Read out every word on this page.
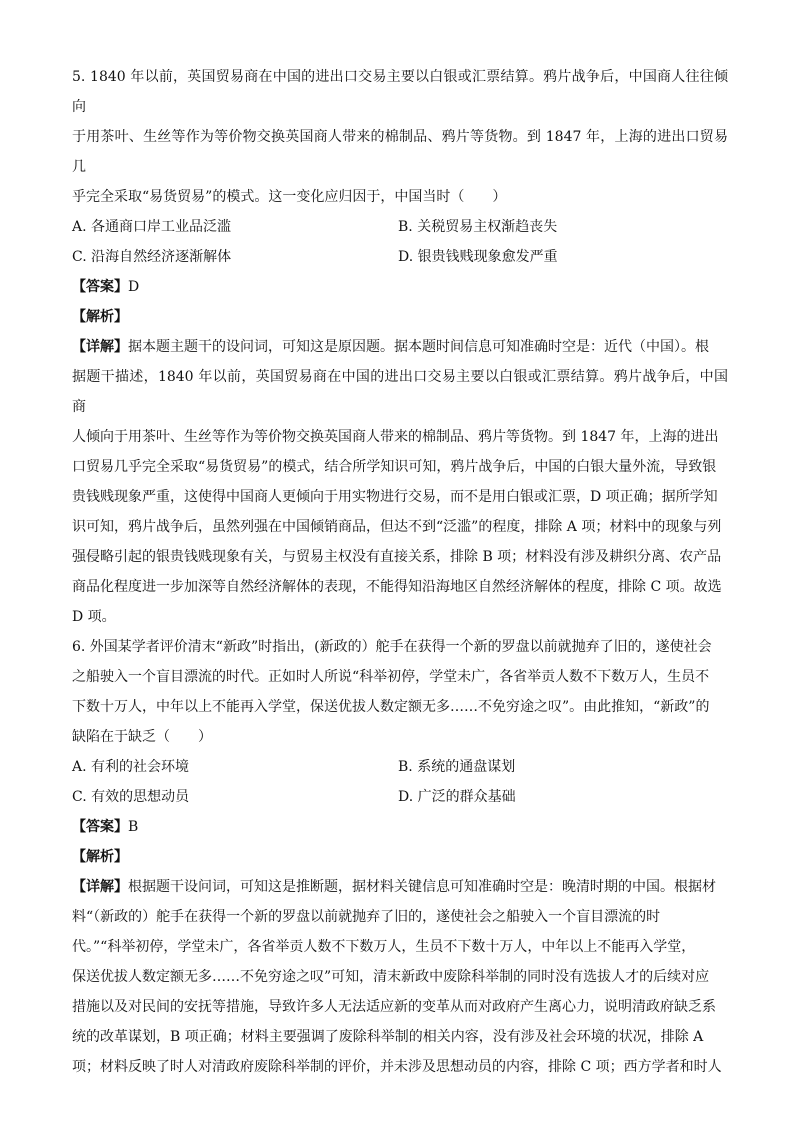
5. 1840 年以前，英国贸易商在中国的进出口交易主要以白银或汇票结算。鸦片战争后，中国商人往往倾向

于用茶叶、生丝等作为等价物交换英国商人带来的棉制品、鸦片等货物。到 1847 年，上海的进出口贸易几

乎完全采取“易货贸易”的模式。这一变化应归因于，中国当时（　　）

A. 各通商口岸工业品泛滥	B. 关税贸易主权渐趋丧失
C. 沿海自然经济逐渐解体	D. 银贵钱贱现象愈发严重

【答案】D

【解析】

【详解】据本题主题干的设问词，可知这是原因题。据本题时间信息可知准确时空是：近代（中国）。根

据题干描述，1840 年以前，英国贸易商在中国的进出口交易主要以白银或汇票结算。鸦片战争后，中国商

人倾向于用茶叶、生丝等作为等价物交换英国商人带来的棉制品、鸦片等货物。到 1847 年，上海的进出

口贸易几乎完全采取“易货贸易”的模式，结合所学知识可知，鸦片战争后，中国的白银大量外流，导致银

贵钱贱现象严重，这使得中国商人更倾向于用实物进行交易，而不是用白银或汇票，D 项正确；据所学知

识可知，鸦片战争后，虽然列强在中国倾销商品，但达不到“泛滥”的程度，排除 A 项；材料中的现象与列

强侵略引起的银贵钱贱现象有关，与贸易主权没有直接关系，排除 B 项；材料没有涉及耕织分离、农产品

商品化程度进一步加深等自然经济解体的表现，不能得知沿海地区自然经济解体的程度，排除 C 项。故选

D 项。

6. 外国某学者评价清末“新政”时指出，(新政的）舵手在获得一个新的罗盘以前就抛弃了旧的，遂使社会

之船驶入一个盲目漂流的时代。正如时人所说“科举初停，学堂未广，各省举贡人数不下数万人，生员不

下数十万人，中年以上不能再入学堂，保送优拔人数定额无多……不免穷途之叹”。由此推知，“新政”的

缺陷在于缺乏（　　）

A. 有利的社会环境	B. 系统的通盘谋划
C. 有效的思想动员	D. 广泛的群众基础

【答案】B

【解析】

【详解】根据题干设问词，可知这是推断题，据材料关键信息可知准确时空是：晚清时期的中国。根据材

料“（新政的）舵手在获得一个新的罗盘以前就抛弃了旧的，遂使社会之船驶入一个盲目漂流的时

代。”“科举初停，学堂未广，各省举贡人数不下数万人，生员不下数十万人，中年以上不能再入学堂，

保送优拔人数定额无多……不免穷途之叹”可知，清末新政中废除科举制的同时没有选拔人才的后续对应

措施以及对民间的安抚等措施，导致许多人无法适应新的变革从而对政府产生离心力，说明清政府缺乏系

统的改革谋划，B 项正确；材料主要强调了废除科举制的相关内容，没有涉及社会环境的状况，排除 A

项；材料反映了时人对清政府废除科举制的评价，并未涉及思想动员的内容，排除 C 项；西方学者和时人
